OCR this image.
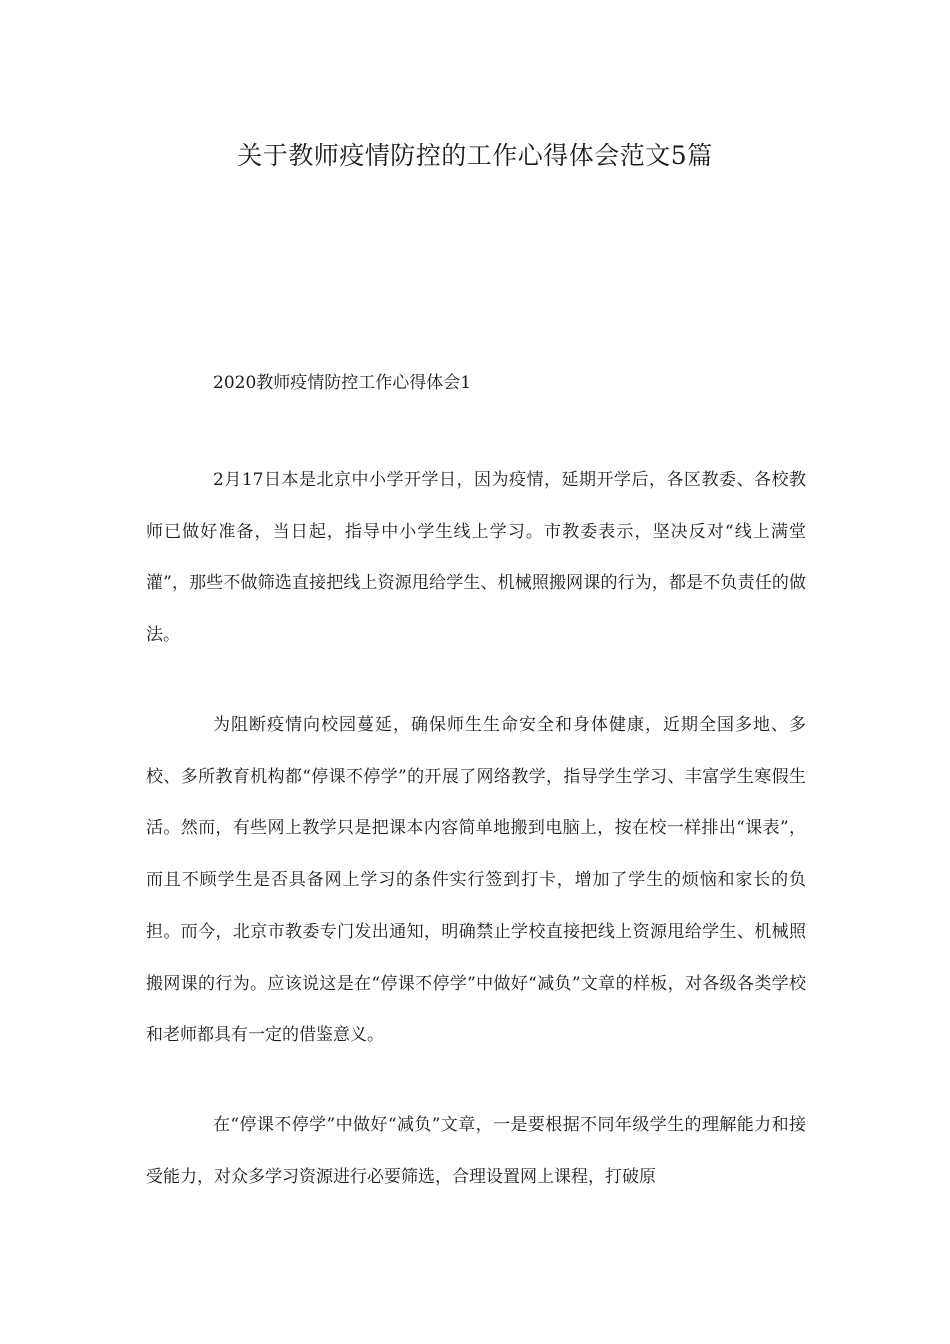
关于教师疫情防控的工作心得体会范文5篇
2020教师疫情防控工作心得体会1

2月17日本是北京中小学开学日，因为疫情，延期开学后，各区教委、各校教师已做好准备，当日起，指导中小学生线上学习。市教委表示，坚决反对“线上满堂灌”，那些不做筛选直接把线上资源甩给学生、机械照搬网课的行为，都是不负责任的做法。

为阻断疫情向校园蔓延，确保师生生命安全和身体健康，近期全国多地、多校、多所教育机构都“停课不停学”的开展了网络教学，指导学生学习、丰富学生寒假生活。然而，有些网上教学只是把课本内容简单地搬到电脑上，按在校一样排出“课表”，而且不顾学生是否具备网上学习的条件实行签到打卡，增加了学生的烦恼和家长的负担。而今，北京市教委专门发出通知，明确禁止学校直接把线上资源甩给学生、机械照搬网课的行为。应该说这是在“停课不停学”中做好“减负”文章的样板，对各级各类学校和老师都具有一定的借鉴意义。

在“停课不停学”中做好“减负”文章，一是要根据不同年级学生的理解能力和接受能力，对众多学习资源进行必要筛选，合理设置网上课程，打破原
